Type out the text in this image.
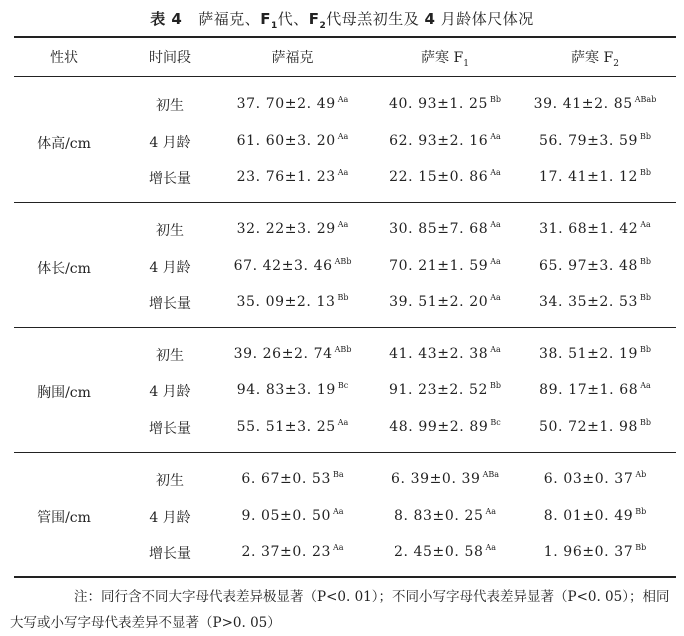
表 4 萨福克、$F_1$代、$F_2$代母羔初生及 4 月龄体尺体况
性状	时间段	萨福克	萨寒 $F_1$	萨寒 $F_2$
体高/cm
初生	37. 70±2. 49 $^{Aa}$	40. 93±1. 25 $^{Bb}$	39. 41±2. 85 $^{ABab}$
4 月龄	61. 60±3. 20 $^{Aa}$	62. 93±2. 16 $^{Aa}$	56. 79±3. 59 $^{Bb}$
增长量	23. 76±1. 23 $^{Aa}$	22. 15±0. 86 $^{Aa}$	17. 41±1. 12 $^{Bb}$
体长/cm
初生	32. 22±3. 29 $^{Aa}$	30. 85±7. 68 $^{Aa}$	31. 68±1. 42 $^{Aa}$
4 月龄	67. 42±3. 46 $^{ABb}$	70. 21±1. 59 $^{Aa}$	65. 97±3. 48 $^{Bb}$
增长量	35. 09±2. 13 $^{Bb}$	39. 51±2. 20 $^{Aa}$	34. 35±2. 53 $^{Bb}$
胸围/cm
初生	39. 26±2. 74 $^{ABb}$	41. 43±2. 38 $^{Aa}$	38. 51±2. 19 $^{Bb}$
4 月龄	94. 83±3. 19 $^{Bc}$	91. 23±2. 52 $^{Bb}$	89. 17±1. 68 $^{Aa}$
增长量	55. 51±3. 25 $^{Aa}$	48. 99±2. 89 $^{Bc}$	50. 72±1. 98 $^{Bb}$
管围/cm
初生	6. 67±0. 53 $^{Ba}$	6. 39±0. 39 $^{ABa}$	6. 03±0. 37 $^{Ab}$
4 月龄	9. 05±0. 50 $^{Aa}$	8. 83±0. 25 $^{Aa}$	8. 01±0. 49 $^{Bb}$
增长量	2. 37±0. 23 $^{Aa}$	2. 45±0. 58 $^{Aa}$	1. 96±0. 37 $^{Bb}$
注：同行含不同大字母代表差异极显著（P<0. 01）；不同小写字母代表差异显著（P<0. 05）；相同大写或小写字母代表差异不显著（P>0. 05）
